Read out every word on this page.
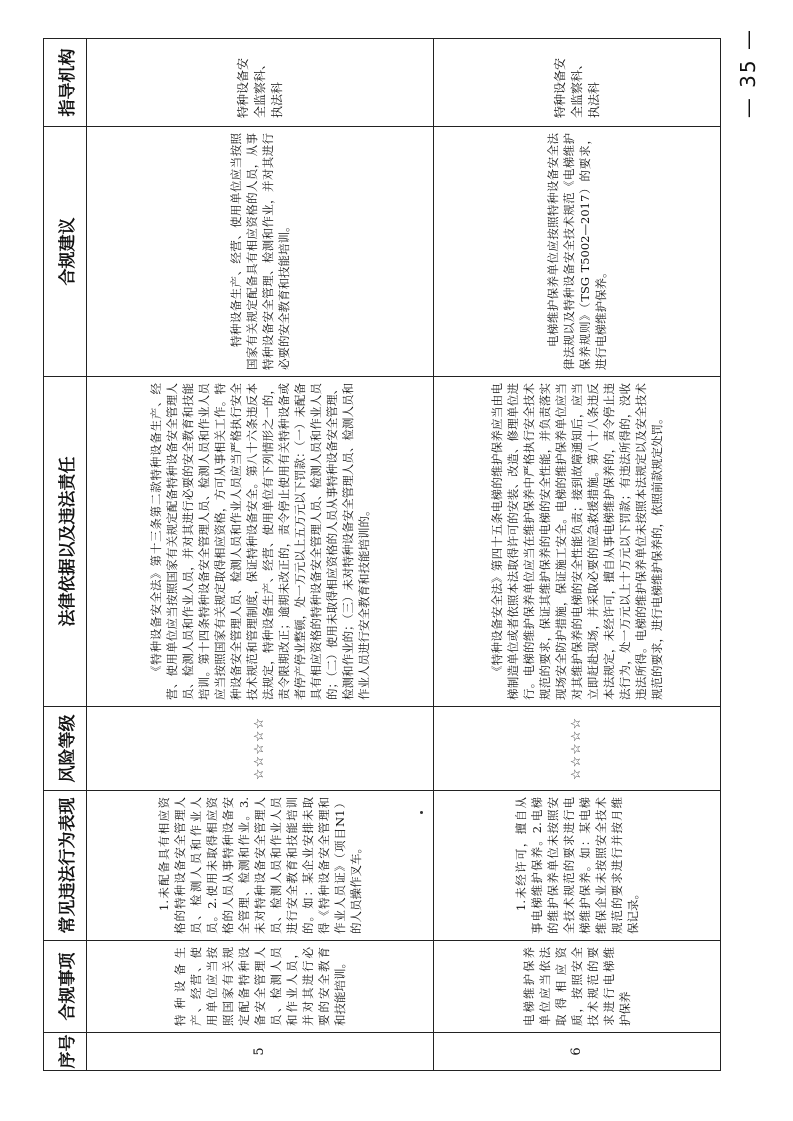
序号	合规事项	常见违法行为表现	风险等级	法律依据以及违法责任	合规建议	指导机构
5	特种设备生产、经营、使用单位应当按照国家有关规定配备特种设备安全管理人员、检测人员和作业人员，并对其进行必要的安全教育和技能培训。	1.未配备具有相应资格的特种设备安全管理人员、检测人员和作业人员。2.使用未取得相应资格的人员从事特种设备安全管理、检测和作业。3.未对特种设备安全管理人员、检测人员和作业人员进行安全教育和技能培训的。如：某企业安排未取得《特种设备安全管理和作业人员证》（项目N1）的人员操作叉车。	☆☆☆☆☆	《特种设备安全法》第十三条第二款特种设备生产、经营、使用单位应当按照国家有关规定配备特种设备安全管理人员、检测人员和作业人员，并对其进行必要的安全教育和技能培训。第十四条特种设备安全管理人员、检测人员和作业人员应当按照国家有关规定取得相应资格，方可从事相关工作。特种设备安全管理人员、检测人员和作业人员应当严格执行安全技术规范和管理制度，保证特种设备安全。第八十六条违反本法规定，特种设备生产、经营、使用单位有下列情形之一的，责令限期改正；逾期未改正的，责令停止使用有关特种设备或者停产停业整顿，处一万元以上五万元以下罚款：（一）未配备具有相应资格的特种设备安全管理人员、检测人员和作业人员的；（二）使用未取得相应资格的人员从事特种设备安全管理、检测和作业的；（三）未对特种设备安全管理人员、检测人员和作业人员进行安全教育和技能培训的。	特种设备生产、经营、使用单位应当按照国家有关规定配备具有相应资格的人员，从事特种设备安全管理、检测和作业，并对其进行必要的安全教育和技能培训。	特种设备安全监察科、执法科
6	电梯维护保养单位应当依法取得相应资质，按照安全技术规范的要求进行电梯维护保养	1.未经许可，擅自从事电梯维护保养。2.电梯的维护保养单位未按照安全技术规范的要求进行电梯维护保养。如：某电梯维保企业未按照安全技术规范的要求进行并按月维保记录。	☆☆☆☆☆	《特种设备安全法》第四十五条电梯的维护保养应当由电梯制造单位或者依照本法取得许可的安装、改造、修理单位进行。电梯的维护保养单位应当在维护保养中严格执行安全技术规范的要求，保证其维护保养的电梯的安全性能，并负责落实现场安全防护措施，保证施工安全。电梯的维护保养单位应当对其维护保养的电梯的安全性能负责；接到故障通知后，应当立即赶赴现场，并采取必要的应急救援措施。第八十八条违反本法规定，未经许可，擅自从事电梯维护保养的，责令停止违法行为，处一万元以上十万元以下罚款；有违法所得的，没收违法所得。电梯的维护保养单位未按照本法规定以及安全技术规范的要求，进行电梯维护保养的，依照前款规定处罚。	电梯维护保养单位应按照特种设备安全法律法规以及特种设备安全技术规范《电梯维护保养规则》（TSG T5002—2017）的要求，进行电梯维护保养。	特种设备安全监察科、执法科	— 35 —
